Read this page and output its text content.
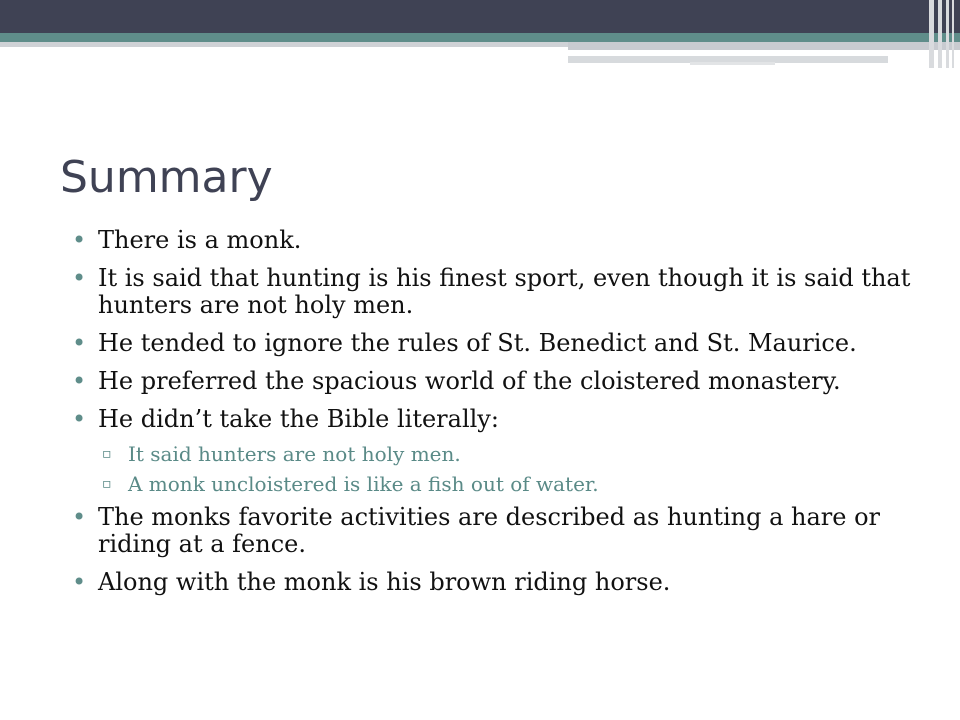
Summary
• There is a monk.
• It is said that hunting is his finest sport, even though it is said that hunters are not holy men.
• He tended to ignore the rules of St. Benedict and St. Maurice.
• He preferred the spacious world of the cloistered monastery.
• He didn’t take the Bible literally:
▫ It said hunters are not holy men.
▫ A monk uncloistered is like a fish out of water.
• The monks favorite activities are described as hunting a hare or riding at a fence.
• Along with the monk is his brown riding horse.
